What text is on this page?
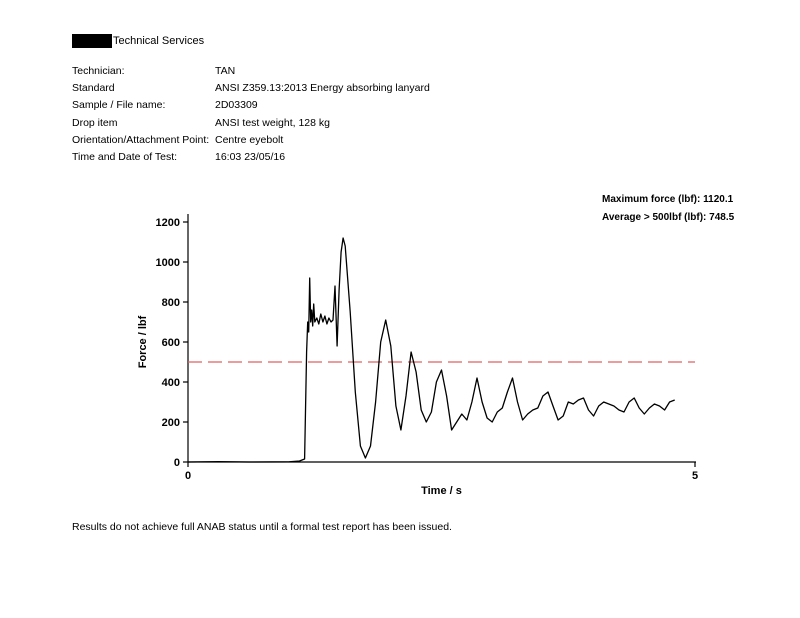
Technical Services
Technician:	TAN
Standard	ANSI Z359.13:2013 Energy absorbing lanyard
Sample / File name:	2D03309
Drop item	ANSI test weight, 128 kg
Orientation/Attachment Point: Centre eyebolt
Time and Date of Test:	16:03 23/05/16
Maximum force (lbf): 1120.1
Average > 500lbf (lbf): 748.5
0
200
400
600
800
1000
1200
0	5
Time / s
Force / lbf
Results do not achieve full ANAB status until a formal test report has been issued.
